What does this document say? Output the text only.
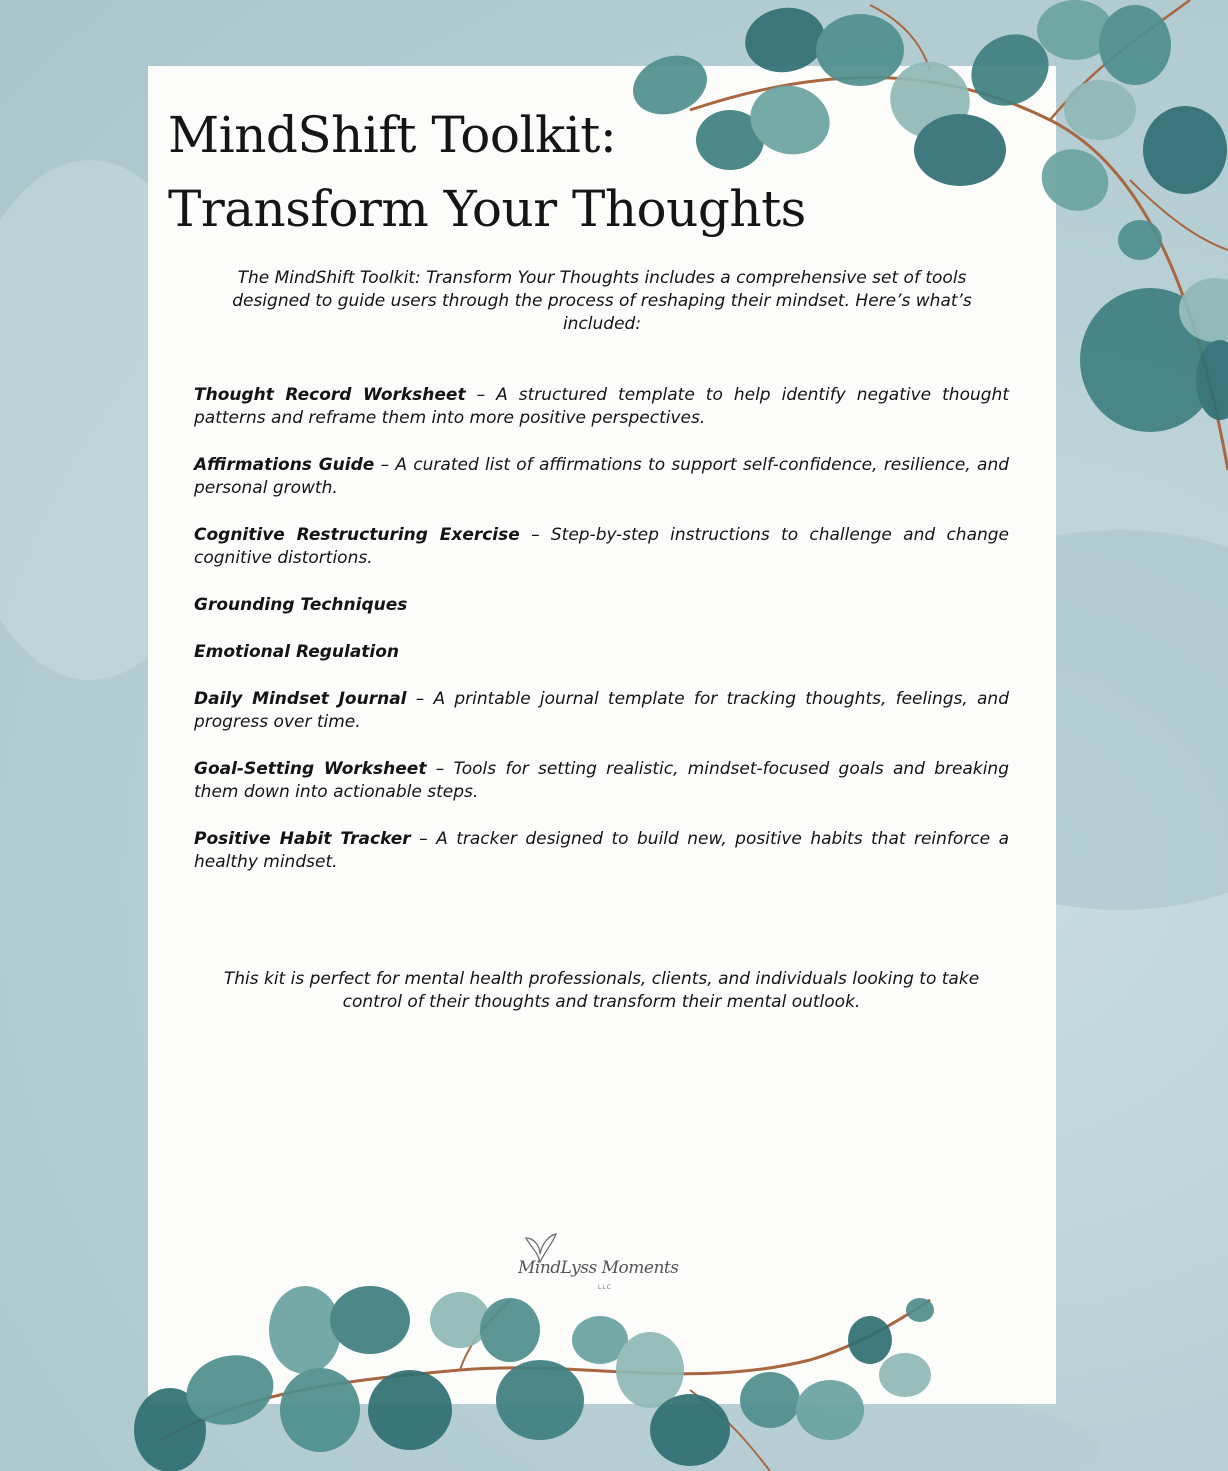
MindShift Toolkit:
Transform Your Thoughts

The MindShift Toolkit: Transform Your Thoughts includes a comprehensive set of tools designed to guide users through the process of reshaping their mindset. Here’s what’s included:

Thought Record Worksheet – A structured template to help identify negative thought patterns and reframe them into more positive perspectives.

Affirmations Guide – A curated list of affirmations to support self-confidence, resilience, and personal growth.

Cognitive Restructuring Exercise – Step-by-step instructions to challenge and change cognitive distortions.

Grounding Techniques

Emotional Regulation

Daily Mindset Journal – A printable journal template for tracking thoughts, feelings, and progress over time.

Goal-Setting Worksheet – Tools for setting realistic, mindset-focused goals and breaking them down into actionable steps.

Positive Habit Tracker – A tracker designed to build new, positive habits that reinforce a healthy mindset.

This kit is perfect for mental health professionals, clients, and individuals looking to take control of their thoughts and transform their mental outlook.

MindLyss Moments
LLC
